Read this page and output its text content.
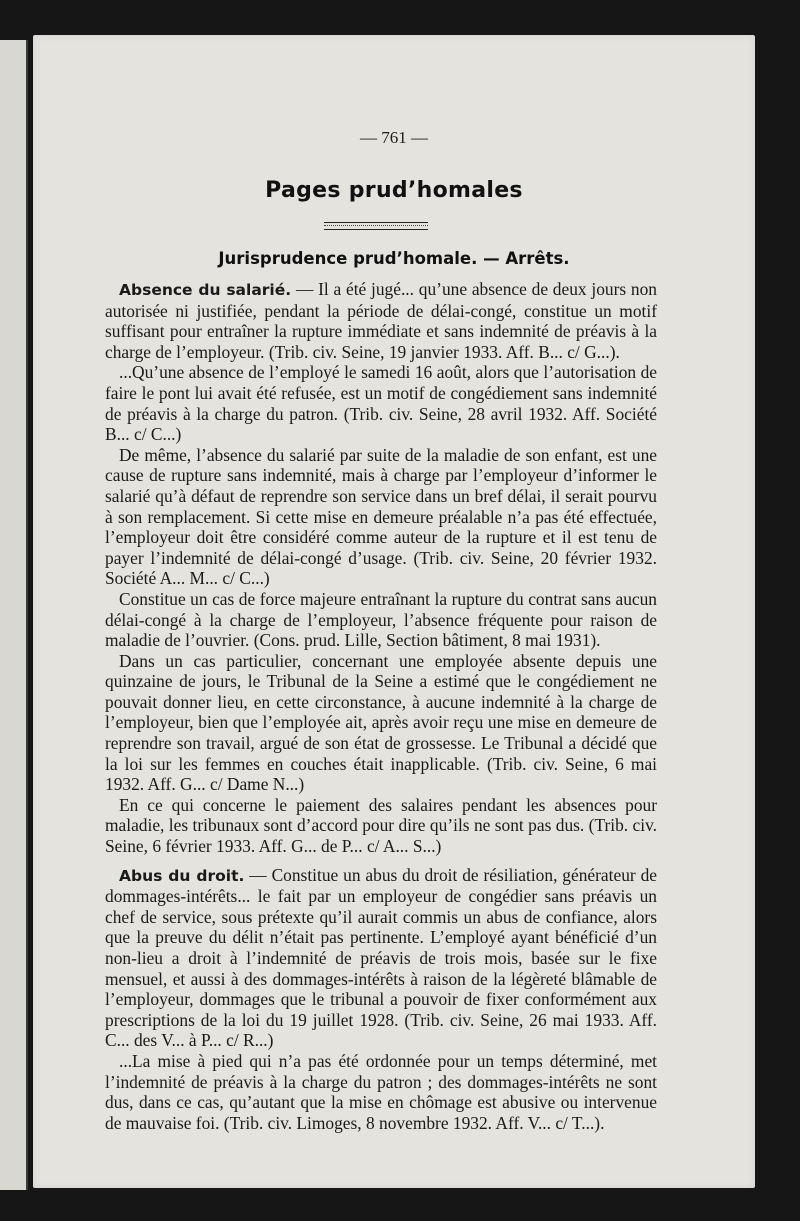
— 761 —
Pages prud’homales
Jurisprudence prud’homale. — Arrêts.

Absence du salarié. — Il a été jugé... qu’une absence de deux jours non autorisée ni justifiée, pendant la période de délai-congé, constitue un motif suffisant pour entraîner la rupture immédiate et sans indemnité de préavis à la charge de l’employeur. (Trib. civ. Seine, 19 janvier 1933. Aff. B... c/ G...).

...Qu’une absence de l’employé le samedi 16 août, alors que l’autorisation de faire le pont lui avait été refusée, est un motif de congédiement sans indemnité de préavis à la charge du patron. (Trib. civ. Seine, 28 avril 1932. Aff. Société B... c/ C...)

De même, l’absence du salarié par suite de la maladie de son enfant, est une cause de rupture sans indemnité, mais à charge par l’employeur d’informer le salarié qu’à défaut de reprendre son service dans un bref délai, il serait pourvu à son remplacement. Si cette mise en demeure préalable n’a pas été effectuée, l’employeur doit être considéré comme auteur de la rupture et il est tenu de payer l’indemnité de délai-congé d’usage. (Trib. civ. Seine, 20 février 1932. Société A... M... c/ C...)

Constitue un cas de force majeure entraînant la rupture du contrat sans aucun délai-congé à la charge de l’employeur, l’absence fréquente pour raison de maladie de l’ouvrier. (Cons. prud. Lille, Section bâtiment, 8 mai 1931).

Dans un cas particulier, concernant une employée absente depuis une quinzaine de jours, le Tribunal de la Seine a estimé que le congédiement ne pouvait donner lieu, en cette circonstance, à aucune indemnité à la charge de l’employeur, bien que l’employée ait, après avoir reçu une mise en demeure de reprendre son travail, argué de son état de grossesse. Le Tribunal a décidé que la loi sur les femmes en couches était inapplicable. (Trib. civ. Seine, 6 mai 1932. Aff. G... c/ Dame N...)

En ce qui concerne le paiement des salaires pendant les absences pour maladie, les tribunaux sont d’accord pour dire qu’ils ne sont pas dus. (Trib. civ. Seine, 6 février 1933. Aff. G... de P... c/ A... S...)

Abus du droit. — Constitue un abus du droit de résiliation, générateur de dommages-intérêts... le fait par un employeur de congédier sans préavis un chef de service, sous prétexte qu’il aurait commis un abus de confiance, alors que la preuve du délit n’était pas pertinente. L’employé ayant bénéficié d’un non-lieu a droit à l’indemnité de préavis de trois mois, basée sur le fixe mensuel, et aussi à des dommages-intérêts à raison de la légèreté blâmable de l’employeur, dommages que le tribunal a pouvoir de fixer conformément aux prescriptions de la loi du 19 juillet 1928. (Trib. civ. Seine, 26 mai 1933. Aff. C... des V... à P... c/ R...)

...La mise à pied qui n’a pas été ordonnée pour un temps déterminé, met l’indemnité de préavis à la charge du patron ; des dommages-intérêts ne sont dus, dans ce cas, qu’autant que la mise en chômage est abusive ou intervenue de mauvaise foi. (Trib. civ. Limoges, 8 novembre 1932. Aff. V... c/ T...).
